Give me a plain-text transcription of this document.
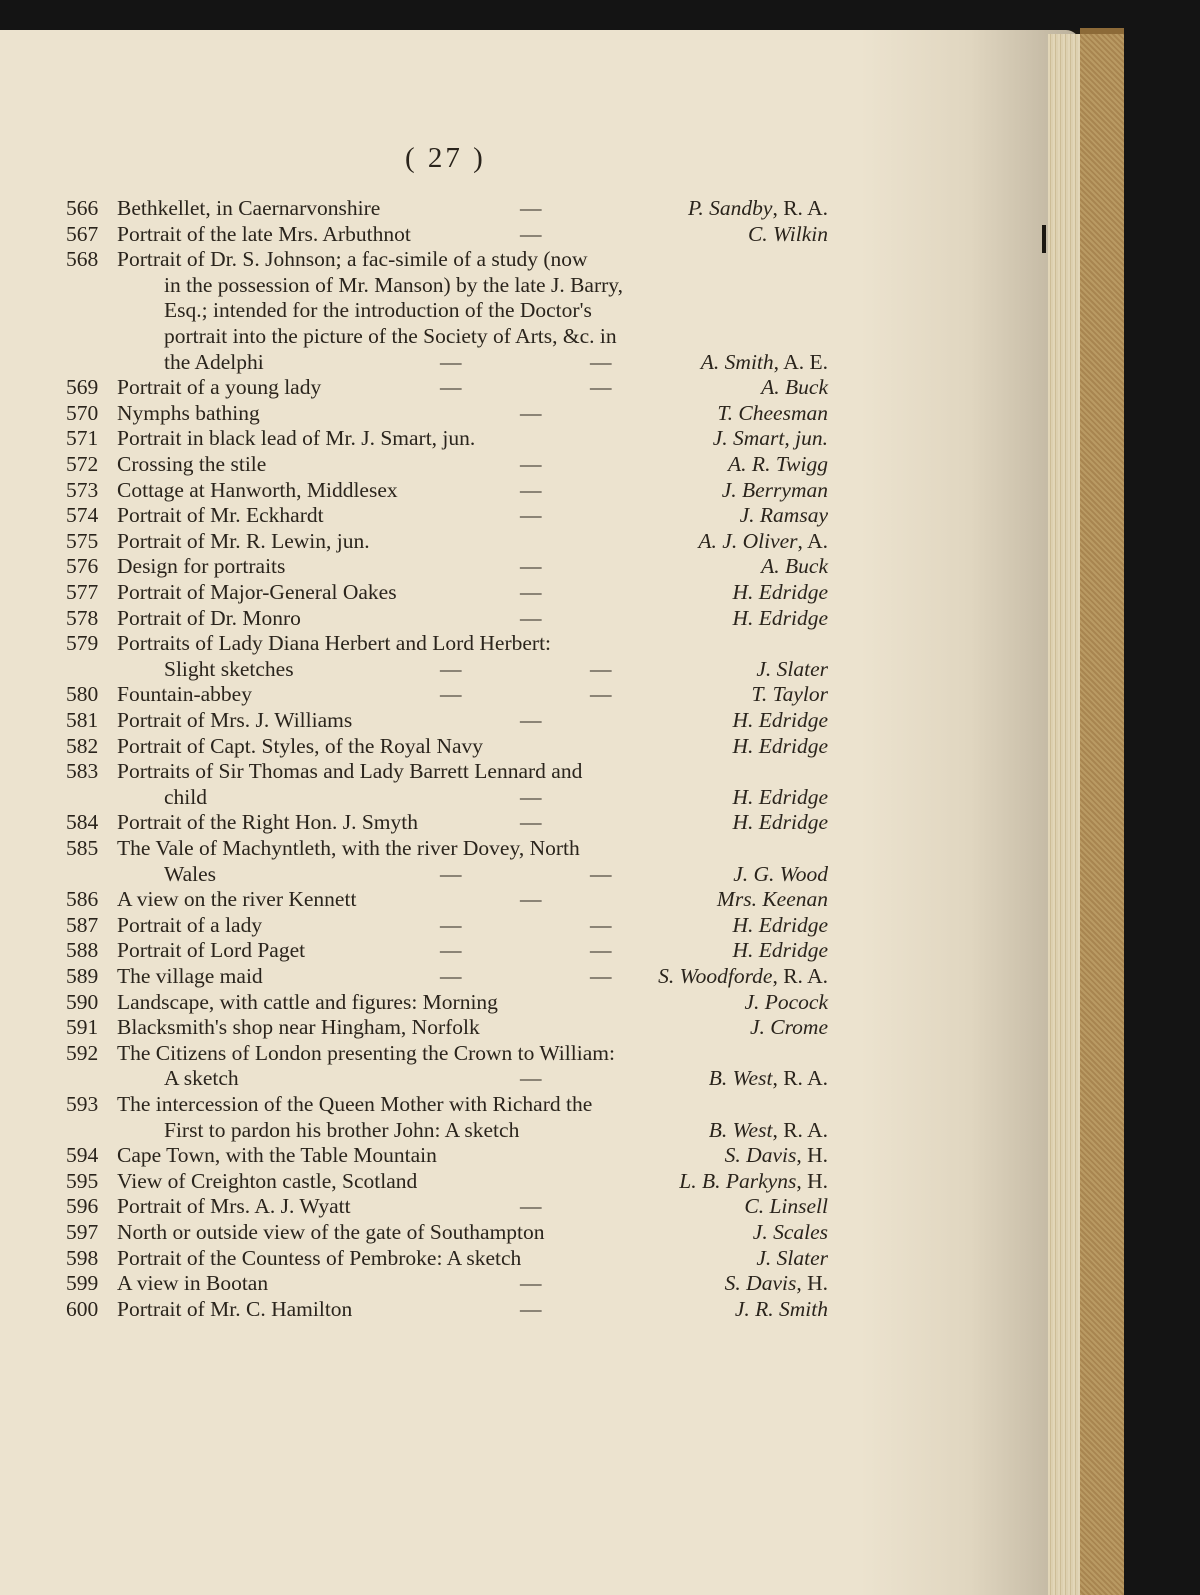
( 27 )
566 Bethkellet, in Caernarvonshire	—	P. Sandby, R. A.
567 Portrait of the late Mrs. Arbuthnot	—	C. Wilkin
568 Portrait of Dr. S. Johnson; a fac-simile of a study (now
in the possession of Mr. Manson) by the late J. Barry,
Esq.; intended for the introduction of the Doctor's
portrait into the picture of the Society of Arts, &c. in
the Adelphi	—	—	A. Smith, A. E.
569 Portrait of a young lady	—	—	A. Buck
570 Nymphs bathing	—	T. Cheesman
571 Portrait in black lead of Mr. J. Smart, jun.	J. Smart, jun.
572 Crossing the stile	—	A. R. Twigg
573 Cottage at Hanworth, Middlesex	—	J. Berryman
574 Portrait of Mr. Eckhardt	—	J. Ramsay
575 Portrait of Mr. R. Lewin, jun.	A. J. Oliver, A.
576 Design for portraits	—	A. Buck
577 Portrait of Major-General Oakes	—	H. Edridge
578 Portrait of Dr. Monro	—	H. Edridge
579 Portraits of Lady Diana Herbert and Lord Herbert:
Slight sketches	—	—	J. Slater
580 Fountain-abbey	—	—	T. Taylor
581 Portrait of Mrs. J. Williams	—	H. Edridge
582 Portrait of Capt. Styles, of the Royal Navy	H. Edridge
583 Portraits of Sir Thomas and Lady Barrett Lennard and
child	—	H. Edridge
584 Portrait of the Right Hon. J. Smyth	—	H. Edridge
585 The Vale of Machyntleth, with the river Dovey, North
Wales	—	—	J. G. Wood
586 A view on the river Kennett	—	Mrs. Keenan
587 Portrait of a lady	—	—	H. Edridge
588 Portrait of Lord Paget	—	—	H. Edridge
589 The village maid	—	— S. Woodforde, R. A.
590 Landscape, with cattle and figures: Morning	J. Pocock
591 Blacksmith's shop near Hingham, Norfolk	J. Crome
592 The Citizens of London presenting the Crown to William:
A sketch	—	B. West, R. A.
593 The intercession of the Queen Mother with Richard the
First to pardon his brother John: A sketch	B. West, R. A.
594 Cape Town, with the Table Mountain	S. Davis, H.
595 View of Creighton castle, Scotland	L. B. Parkyns, H.
596 Portrait of Mrs. A. J. Wyatt	—	C. Linsell
597 North or outside view of the gate of Southampton	J. Scales
598 Portrait of the Countess of Pembroke: A sketch	J. Slater
599 A view in Bootan	—	S. Davis, H.
600 Portrait of Mr. C. Hamilton	—	J. R. Smith
